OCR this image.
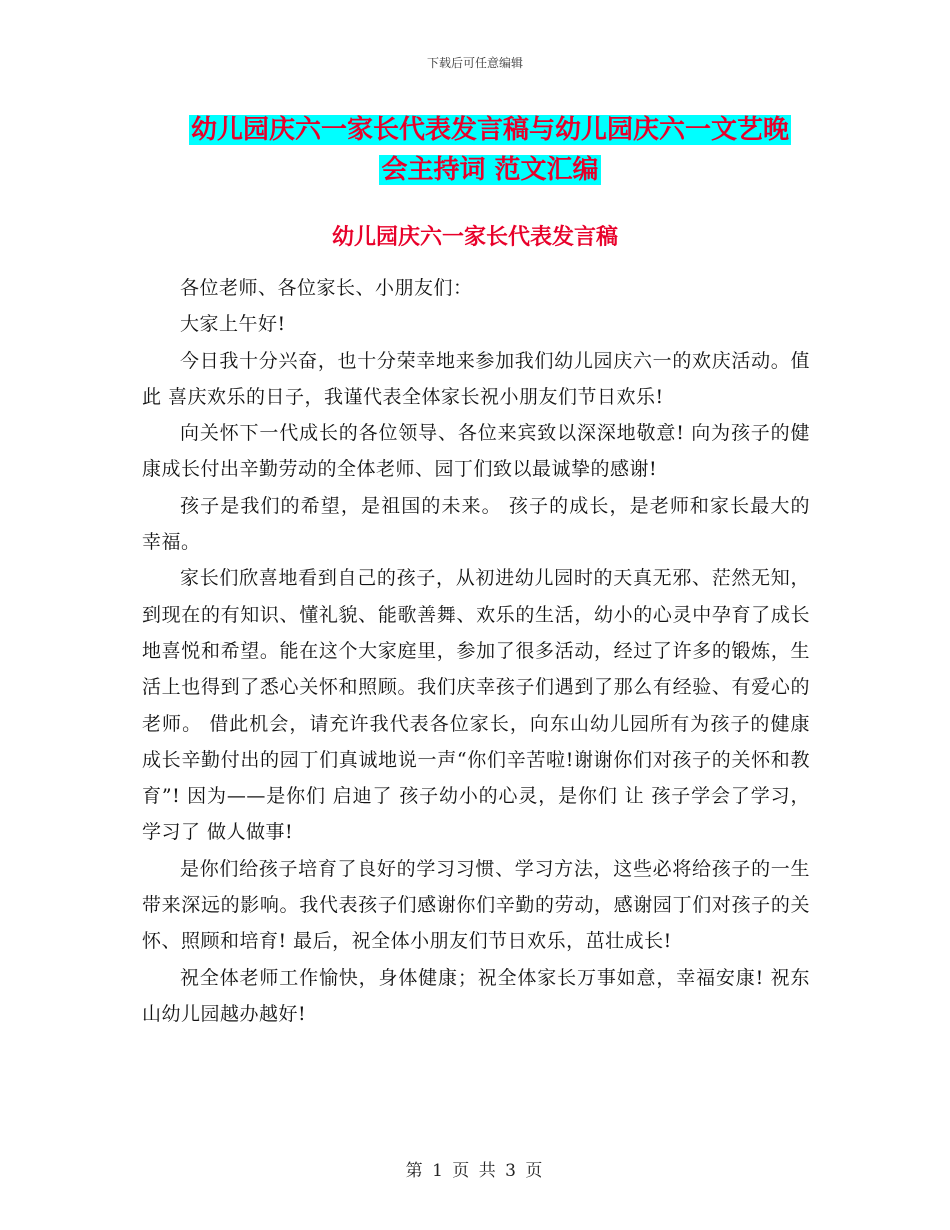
下载后可任意编辑
幼儿园庆六一家长代表发言稿与幼儿园庆六一文艺晚
会主持词 范文汇编
幼儿园庆六一家长代表发言稿

各位老师、各位家长、小朋友们：

大家上午好!

今日我十分兴奋，也十分荣幸地来参加我们幼儿园庆六一的欢庆活动。值此 喜庆欢乐的日子，我谨代表全体家长祝小朋友们节日欢乐!

向关怀下一代成长的各位领导、各位来宾致以深深地敬意! 向为孩子的健康成长付出辛勤劳动的全体老师、园丁们致以最诚挚的感谢!

孩子是我们的希望，是祖国的未来。 孩子的成长，是老师和家长最大的幸福。

家长们欣喜地看到自己的孩子，从初进幼儿园时的天真无邪、茫然无知，到现在的有知识、懂礼貌、能歌善舞、欢乐的生活，幼小的心灵中孕育了成长地喜悦和希望。能在这个大家庭里，参加了很多活动，经过了许多的锻炼，生活上也得到了悉心关怀和照顾。我们庆幸孩子们遇到了那么有经验、有爱心的老师。 借此机会，请充许我代表各位家长，向东山幼儿园所有为孩子的健康成长辛勤付出的园丁们真诚地说一声“你们辛苦啦!谢谢你们对孩子的关怀和教育”! 因为——是你们 启迪了 孩子幼小的心灵，是你们 让 孩子学会了学习，学习了 做人做事!

是你们给孩子培育了良好的学习习惯、学习方法，这些必将给孩子的一生带来深远的影响。我代表孩子们感谢你们辛勤的劳动，感谢园丁们对孩子的关怀、照顾和培育! 最后，祝全体小朋友们节日欢乐，茁壮成长!

祝全体老师工作愉快，身体健康；祝全体家长万事如意，幸福安康! 祝东山幼儿园越办越好!

第 1 页 共 3 页
